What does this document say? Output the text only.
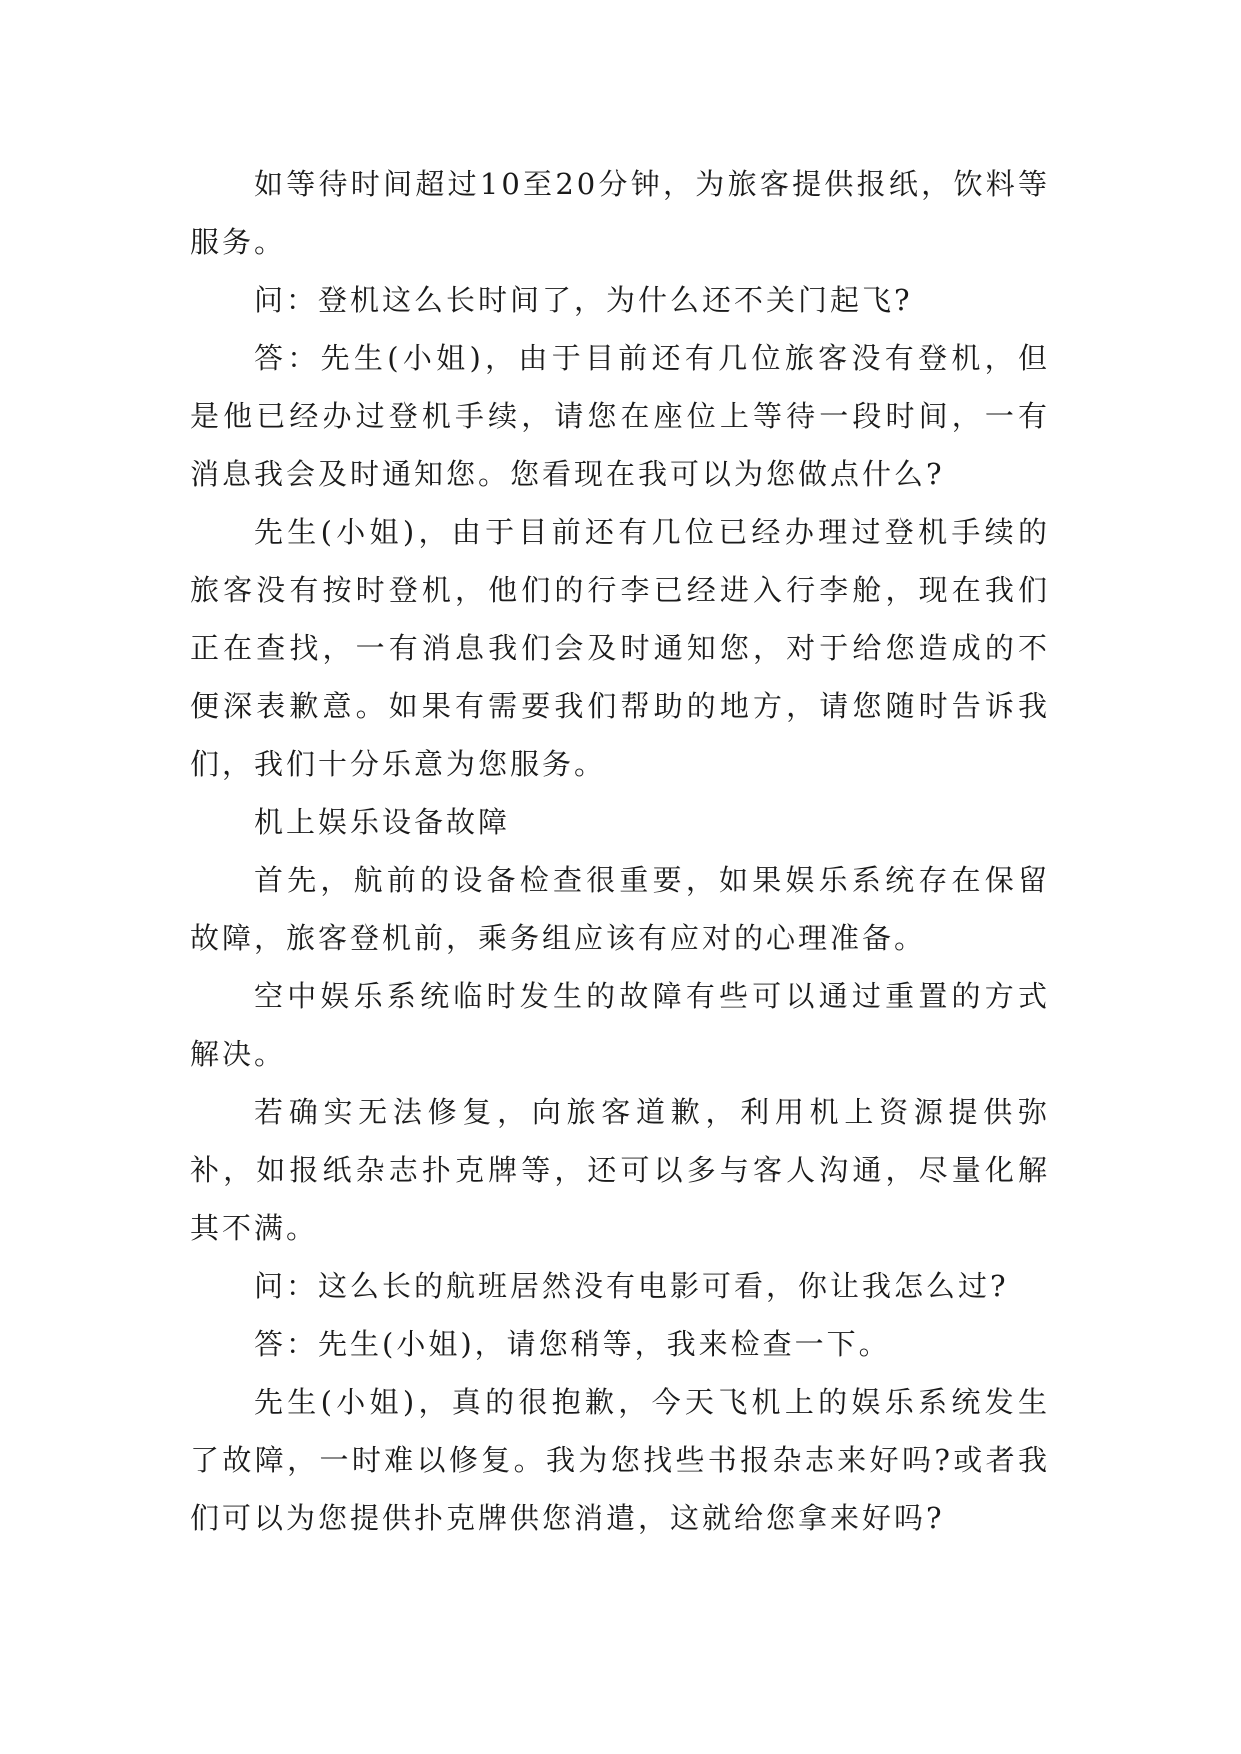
如等待时间超过10至20分钟，为旅客提供报纸，饮料等服务。

问：登机这么长时间了，为什么还不关门起飞?

答：先生(小姐)，由于目前还有几位旅客没有登机，但是他已经办过登机手续，请您在座位上等待一段时间，一有消息我会及时通知您。您看现在我可以为您做点什么?

先生(小姐)，由于目前还有几位已经办理过登机手续的旅客没有按时登机，他们的行李已经进入行李舱，现在我们正在查找，一有消息我们会及时通知您，对于给您造成的不便深表歉意。如果有需要我们帮助的地方，请您随时告诉我们，我们十分乐意为您服务。

机上娱乐设备故障

首先，航前的设备检查很重要，如果娱乐系统存在保留故障，旅客登机前，乘务组应该有应对的心理准备。

空中娱乐系统临时发生的故障有些可以通过重置的方式解决。

若确实无法修复，向旅客道歉，利用机上资源提供弥补，如报纸杂志扑克牌等，还可以多与客人沟通，尽量化解其不满。

问：这么长的航班居然没有电影可看，你让我怎么过?

答：先生(小姐)，请您稍等，我来检查一下。

先生(小姐)，真的很抱歉，今天飞机上的娱乐系统发生了故障，一时难以修复。我为您找些书报杂志来好吗?或者我们可以为您提供扑克牌供您消遣，这就给您拿来好吗?
